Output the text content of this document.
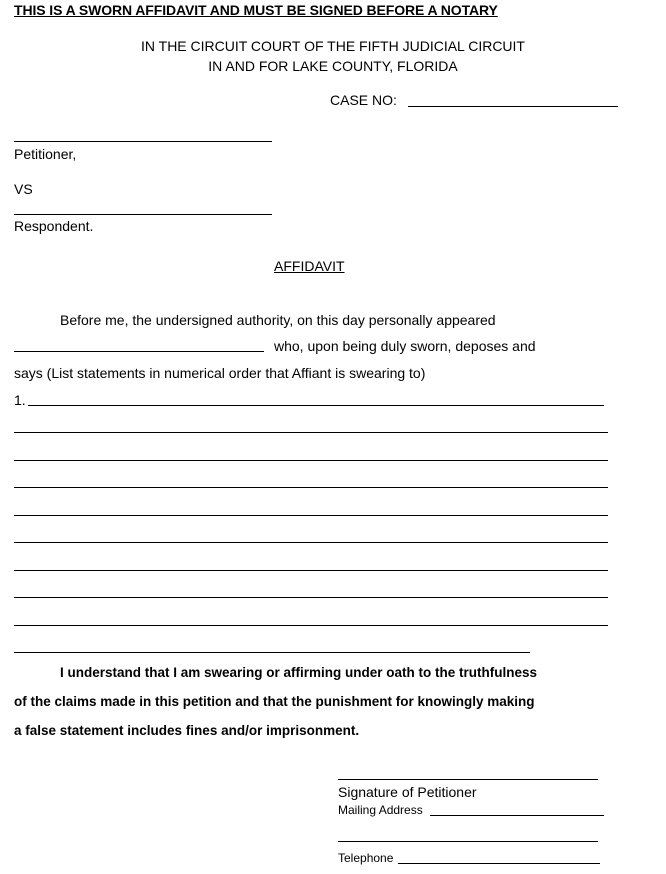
THIS IS A SWORN AFFIDAVIT AND MUST BE SIGNED BEFORE A NOTARY
IN THE CIRCUIT COURT OF THE FIFTH JUDICIAL CIRCUIT
IN AND FOR LAKE COUNTY, FLORIDA
CASE NO:
Petitioner,
VS
Respondent.
AFFIDAVIT
Before me, the undersigned authority, on this day personally appeared
who, upon being duly sworn, deposes and
says (List statements in numerical order that Affiant is swearing to)
1.
I understand that I am swearing or affirming under oath to the truthfulness
of the claims made in this petition and that the punishment for knowingly making
a false statement includes fines and/or imprisonment.
Signature of Petitioner
Mailing Address
Telephone
